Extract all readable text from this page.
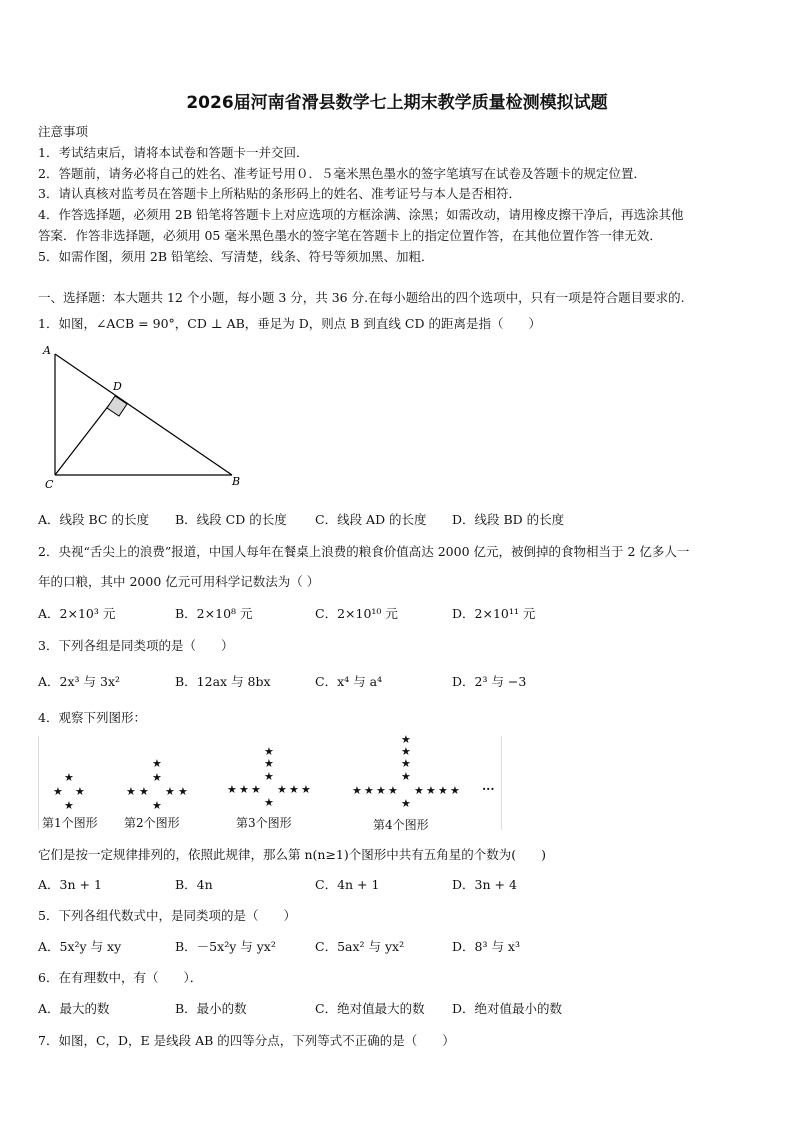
2026届河南省滑县数学七上期末教学质量检测模拟试题
注意事项
1．考试结束后，请将本试卷和答题卡一并交回．
2．答题前，请务必将自己的姓名、准考证号用０．５毫米黑色墨水的签字笔填写在试卷及答题卡的规定位置．
3．请认真核对监考员在答题卡上所粘贴的条形码上的姓名、准考证号与本人是否相符．
4．作答选择题，必须用 2B 铅笔将答题卡上对应选项的方框涂满、涂黑；如需改动，请用橡皮擦干净后，再选涂其他
答案．作答非选择题，必须用 05 毫米黑色墨水的签字笔在答题卡上的指定位置作答，在其他位置作答一律无效．
5．如需作图，须用 2B 铅笔绘、写清楚，线条、符号等须加黑、加粗．
一、选择题：本大题共 12 个小题，每小题 3 分，共 36 分.在每小题给出的四个选项中，只有一项是符合题目要求的.
1．如图，∠ACB = 90°，CD ⊥ AB，垂足为 D，则点 B 到直线 CD 的距离是指（　　）
A
D
C	B
A．线段 BC 的长度 B．线段 CD 的长度 C．线段 AD 的长度 D．线段 BD 的长度
2．央视“舌尖上的浪费”报道，中国人每年在餐桌上浪费的粮食价值高达 2000 亿元，被倒掉的食物相当于 2 亿多人一
年的口粮，其中 2000 亿元可用科学记数法为（ ）
A．2×10³ 元	B．2×10⁸ 元	C．2×10¹⁰ 元	D．2×10¹¹ 元
3．下列各组是同类项的是（　　）
A．2x³ 与 3x²	B．12ax 与 8bx	C．x⁴ 与 a⁴	D．2³ 与 −3
4．观察下列图形：
★
★ ★
★
第1个图形
★
★
★ ★ ★ ★
★
第2个图形
★
★
★
★ ★ ★ ★ ★ ★
★
第3个图形
★
★
★
★
★ ★ ★ ★ ★ ★ ★ ★
★
第4个图形
···
它们是按一定规律排列的，依照此规律，那么第 n(n≥1)个图形中共有五角星的个数为(　　)
A．3n + 1	B．4n	C．4n + 1	D．3n + 4
5．下列各组代数式中，是同类项的是（　　）
A．5x²y 与 xy	B．－5x²y 与 yx²	C．5ax² 与 yx²	D．8³ 与 x³
6．在有理数中，有（　　）．
A．最大的数	B．最小的数	C．绝对值最大的数 D．绝对值最小的数
7．如图，C，D，E 是线段 AB 的四等分点，下列等式不正确的是（　　）
